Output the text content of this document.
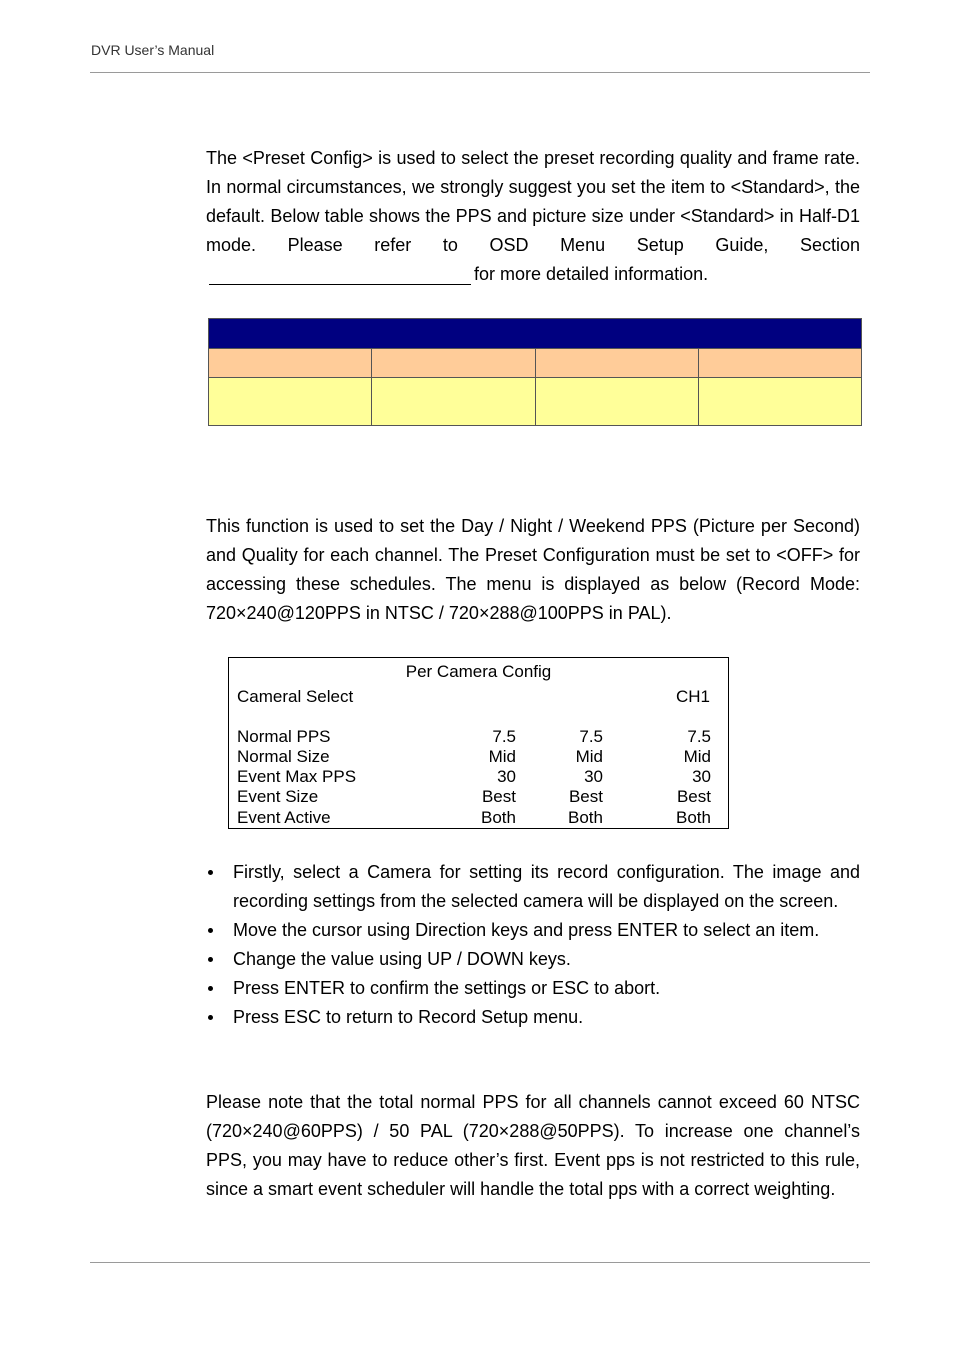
DVR User’s Manual

The <Preset Config> is used to select the preset recording quality and frame rate. In normal circumstances, we strongly suggest you set the item to <Standard>, the default. Below table shows the PPS and picture size under <Standard> in Half-D1 mode. Please refer to OSD Menu Setup Guide, Sectionfor more detailed information.

This function is used to set the Day / Night / Weekend PPS (Picture per Second) and Quality for each channel. The Preset Configuration must be set to <OFF> for accessing these schedules. The menu is displayed as below (Record Mode: 720×240@120PPS in NTSC / 720×288@100PPS in PAL).

Per Camera Config
Cameral Select	CH1
Normal PPS	7.5	7.5	7.5
Normal Size	Mid	Mid	Mid
Event Max PPS	30	30	30
Event Size	Best	Best	Best
Event Active	Both	Both	Both
Firstly, select a Camera for setting its record configuration. The image and recording settings from the selected camera will be displayed on the screen.
Move the cursor using Direction keys and press ENTER to select an item.
Change the value using UP / DOWN keys.
Press ENTER to confirm the settings or ESC to abort.
Press ESC to return to Record Setup menu.

Please note that the total normal PPS for all channels cannot exceed 60 NTSC (720×240@60PPS) / 50 PAL (720×288@50PPS). To increase one channel’s PPS, you may have to reduce other’s first. Event pps is not restricted to this rule, since a smart event scheduler will handle the total pps with a correct weighting.
